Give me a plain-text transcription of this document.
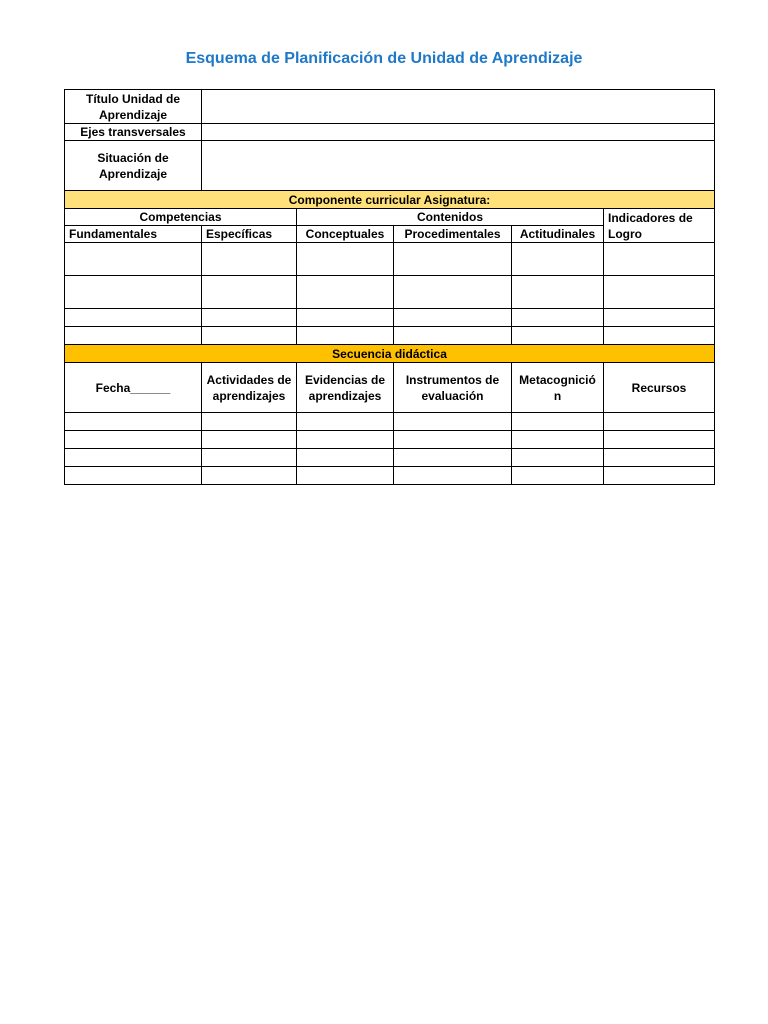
Esquema de Planificación de Unidad de Aprendizaje
Título Unidad de Aprendizaje					
Ejes transversales					
Situación de Aprendizaje					
Componente curricular Asignatura:					
Competencias		Contenidos			Indicadores de Logro
Fundamentales	Específicas	Conceptuales	Procedimentales	Actitudinales	

Secuencia didáctica					
Fecha______	Actividades de aprendizajes	Evidencias de aprendizajes	Instrumentos de evaluación	Metacognición	Recursos
